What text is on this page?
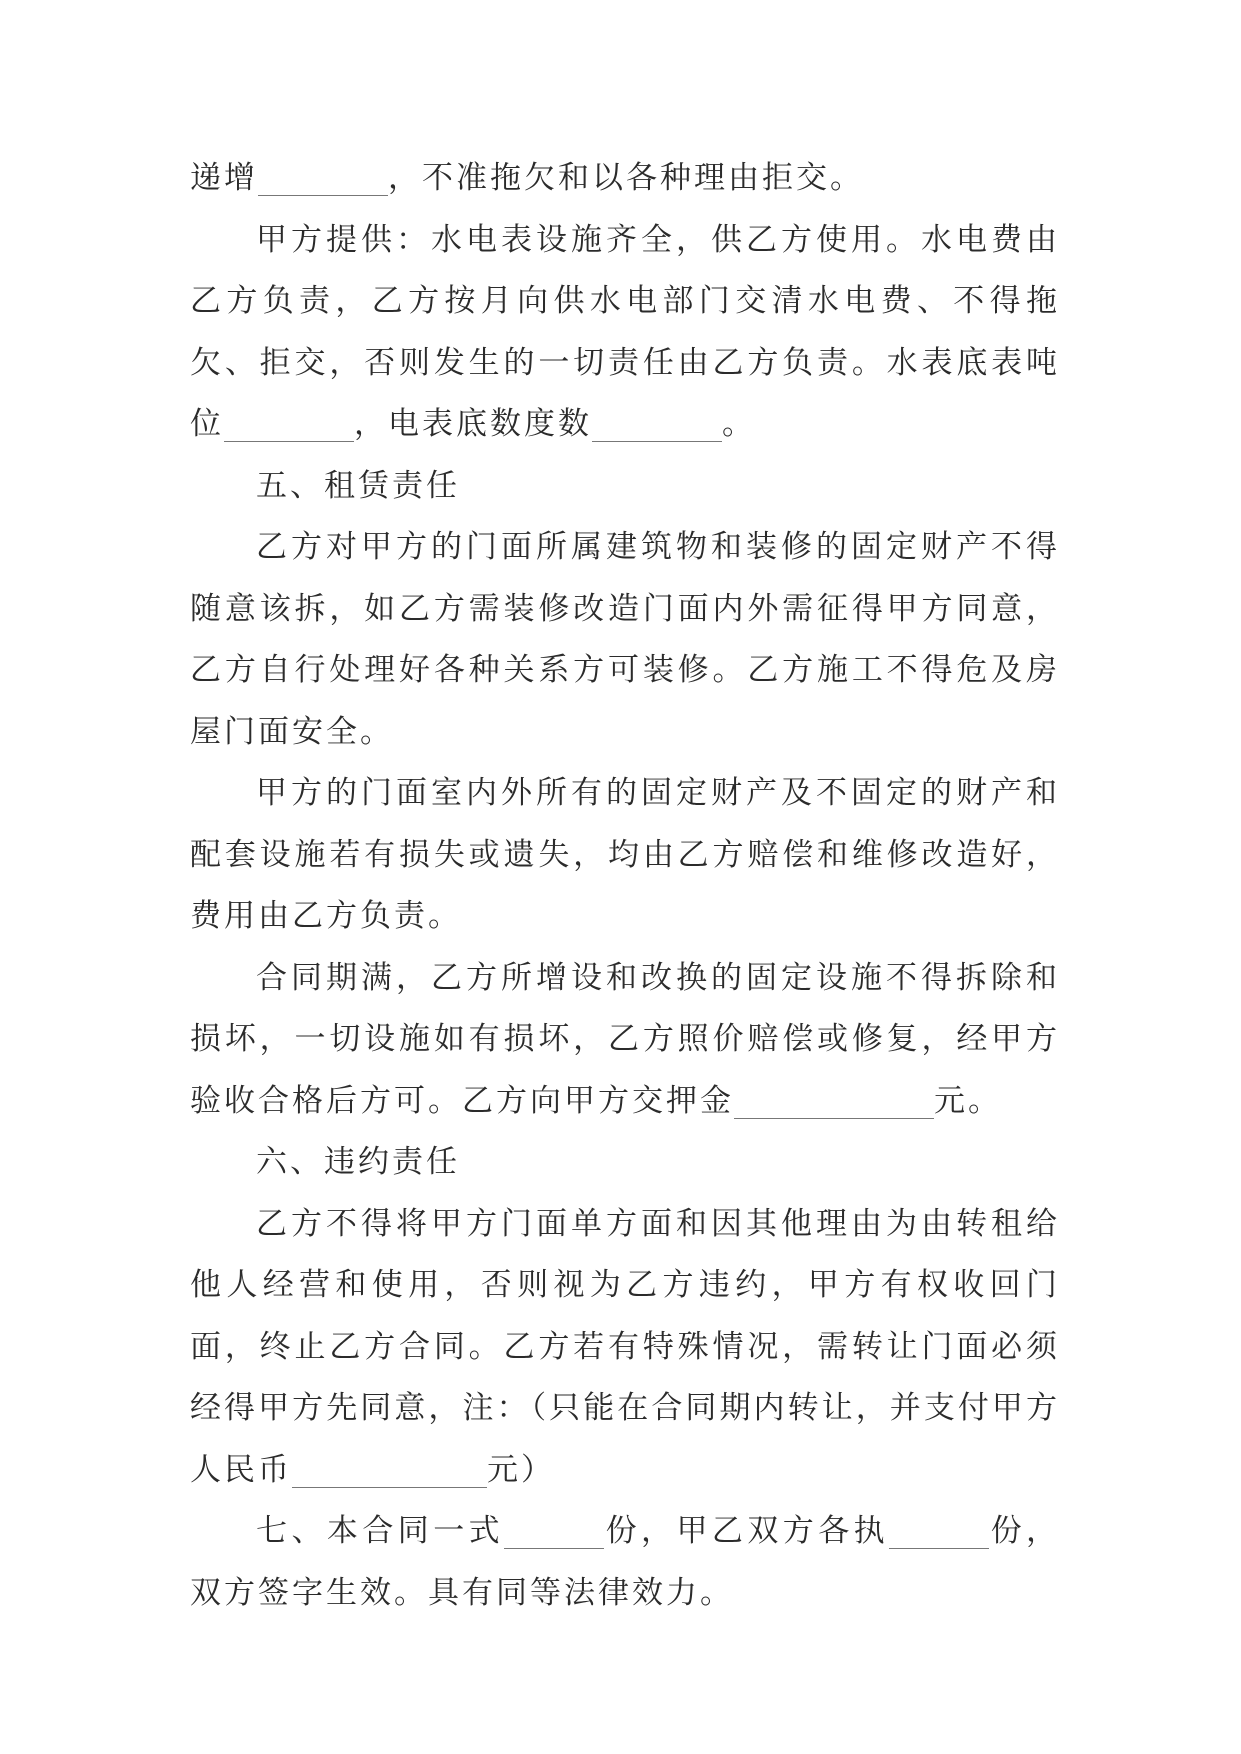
递增	，不准拖欠和以各种理由拒交。

甲方提供：水电表设施齐全，供乙方使用。水电费由乙方负责，乙方按月向供水电部门交清水电费、不得拖欠、拒交，否则发生的一切责任由乙方负责。水表底表吨位	，电表底数度数	。

五、租赁责任

乙方对甲方的门面所属建筑物和装修的固定财产不得随意该拆，如乙方需装修改造门面内外需征得甲方同意，乙方自行处理好各种关系方可装修。乙方施工不得危及房屋门面安全。

甲方的门面室内外所有的固定财产及不固定的财产和配套设施若有损失或遗失，均由乙方赔偿和维修改造好，费用由乙方负责。

合同期满，乙方所增设和改换的固定设施不得拆除和损坏，一切设施如有损坏，乙方照价赔偿或修复，经甲方验收合格后方可。乙方向甲方交押金	元。

六、违约责任

乙方不得将甲方门面单方面和因其他理由为由转租给他人经营和使用，否则视为乙方违约，甲方有权收回门面，终止乙方合同。乙方若有特殊情况，需转让门面必须经得甲方先同意，注：（只能在合同期内转让，并支付甲方人民币	元）

七、本合同一式	份，甲乙双方各执	份，双方签字生效。具有同等法律效力。
